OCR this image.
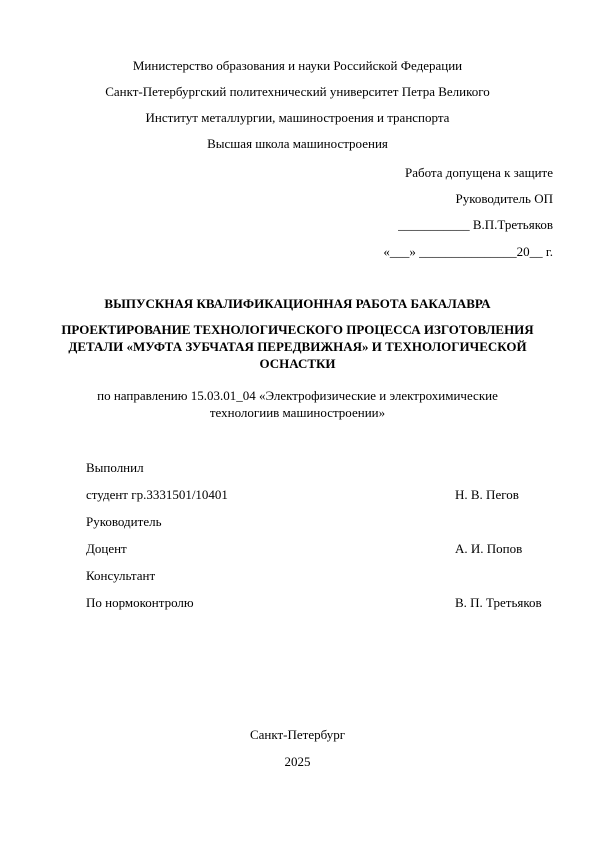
Министерство образования и науки Российской Федерации
Санкт-Петербургский политехнический университет Петра Великого
Институт металлургии, машиностроения и транспорта
Высшая школа машиностроения
Работа допущена к защите
Руководитель ОП
___________ В.П.Третьяков
«___» _______________20__ г.
ВЫПУСКНАЯ КВАЛИФИКАЦИОННАЯ РАБОТА БАКАЛАВРА
ПРОЕКТИРОВАНИЕ ТЕХНОЛОГИЧЕСКОГО ПРОЦЕССА ИЗГОТОВЛЕНИЯ ДЕТАЛИ «МУФТА ЗУБЧАТАЯ ПЕРЕДВИЖНАЯ» И ТЕХНОЛОГИЧЕСКОЙ ОСНАСТКИ
по направлению 15.03.01_04 «Электрофизические и электрохимические технологиив машиностроении»
Выполнил
студент гр.3331501/10401	Н. В. Пегов
Руководитель
Доцент	А. И. Попов
Консультант
По нормоконтролю	В. П. Третьяков
Санкт-Петербург
2025
